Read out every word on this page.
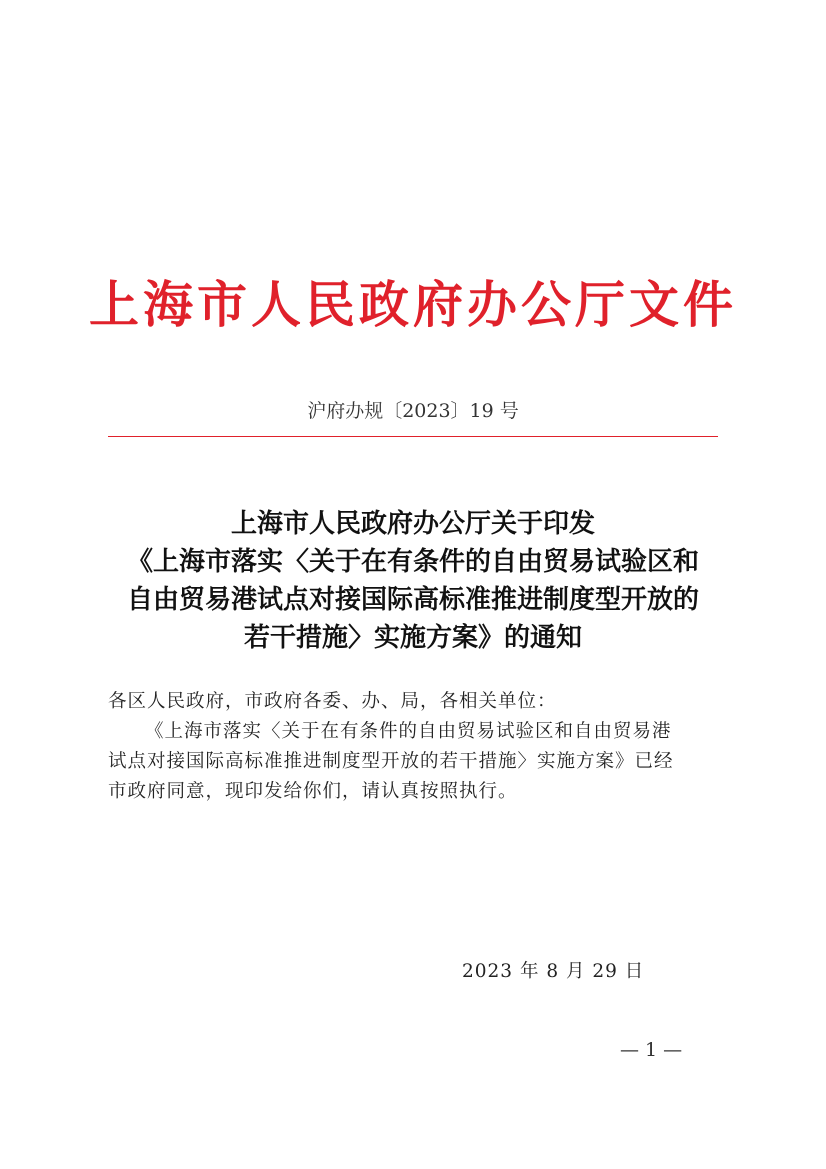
上海市人民政府办公厅文件
沪府办规〔2023〕19 号
上海市人民政府办公厅关于印发
《上海市落实〈关于在有条件的自由贸易试验区和
自由贸易港试点对接国际高标准推进制度型开放的
若干措施〉实施方案》的通知
各区人民政府，市政府各委、办、局，各相关单位：
《上海市落实〈关于在有条件的自由贸易试验区和自由贸易港
试点对接国际高标准推进制度型开放的若干措施〉实施方案》已经
市政府同意，现印发给你们，请认真按照执行。
2023 年 8 月 29 日
— 1 —
